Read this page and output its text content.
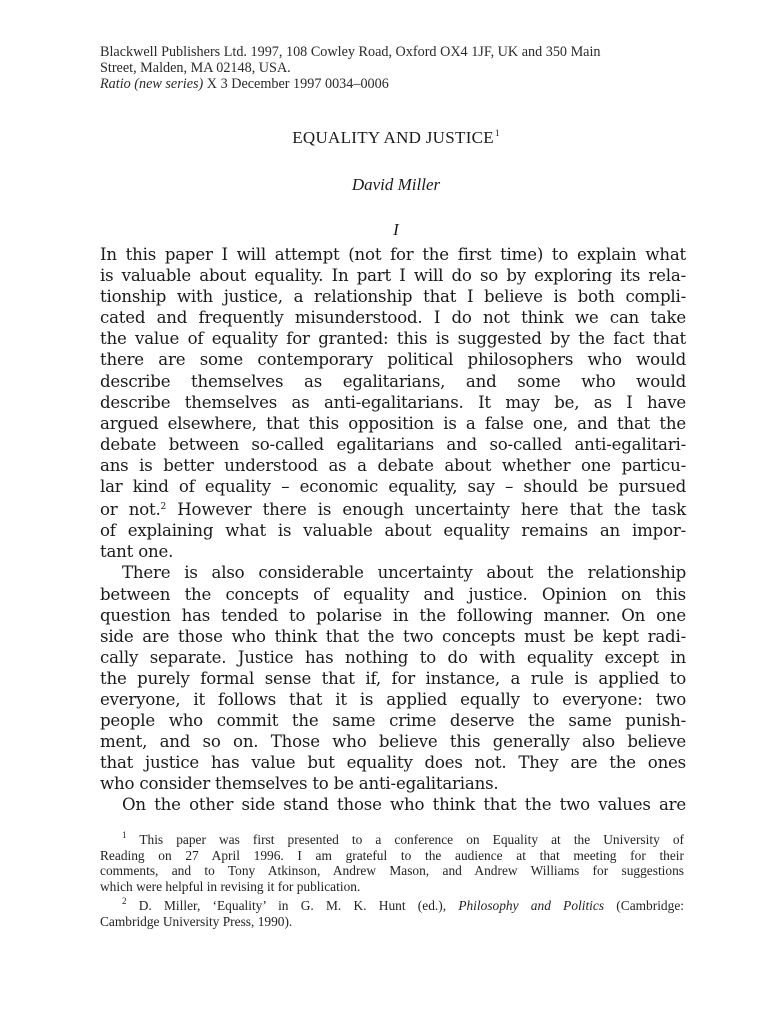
Blackwell Publishers Ltd. 1997, 108 Cowley Road, Oxford OX4 1JF, UK and 350 Main
Street, Malden, MA 02148, USA.
Ratio (new series) X 3 December 1997 0034–0006
EQUALITY AND JUSTICE$^1$
David Miller
I
In this paper I will attempt (not for the first time) to explain what
is valuable about equality. In part I will do so by exploring its rela-
tionship with justice, a relationship that I believe is both compli-
cated and frequently misunderstood. I do not think we can take
the value of equality for granted: this is suggested by the fact that
there are some contemporary political philosophers who would
describe themselves as egalitarians, and some who would
describe themselves as anti-egalitarians. It may be, as I have
argued elsewhere, that this opposition is a false one, and that the
debate between so-called egalitarians and so-called anti-egalitari-
ans is better understood as a debate about whether one particu-
lar kind of equality – economic equality, say – should be pursued
or not.$^2$ However there is enough uncertainty here that the task
of explaining what is valuable about equality remains an impor-
tant one.
There is also considerable uncertainty about the relationship
between the concepts of equality and justice. Opinion on this
question has tended to polarise in the following manner. On one
side are those who think that the two concepts must be kept radi-
cally separate. Justice has nothing to do with equality except in
the purely formal sense that if, for instance, a rule is applied to
everyone, it follows that it is applied equally to everyone: two
people who commit the same crime deserve the same punish-
ment, and so on. Those who believe this generally also believe
that justice has value but equality does not. They are the ones
who consider themselves to be anti-egalitarians.
On the other side stand those who think that the two values are
$^1$ This paper was first presented to a conference on Equality at the University of
Reading on 27 April 1996. I am grateful to the audience at that meeting for their
comments, and to Tony Atkinson, Andrew Mason, and Andrew Williams for suggestions
which were helpful in revising it for publication.
$^2$ D. Miller, ‘Equality’ in G. M. K. Hunt (ed.), Philosophy and Politics (Cambridge:
Cambridge University Press, 1990).
